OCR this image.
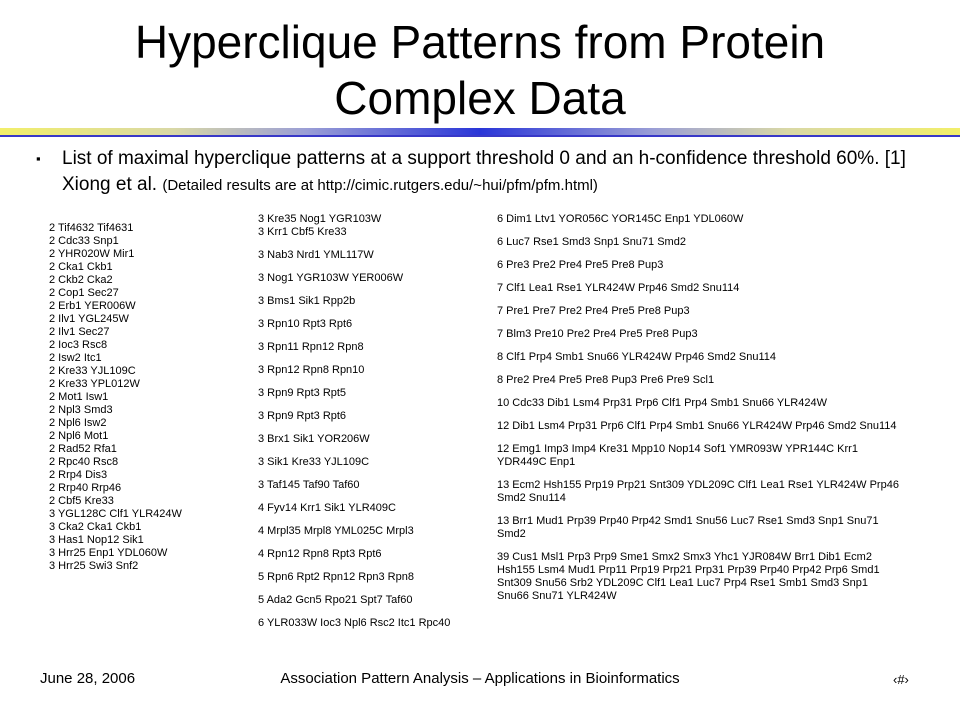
Hyperclique Patterns from Protein Complex Data
▪ List of maximal hyperclique patterns at a support threshold 0 and an h-confidence threshold 60%. [1] Xiong et al. (Detailed results are at http://cimic.rutgers.edu/~hui/pfm/pfm.html)
2 Tif4632 Tif4631
2 Cdc33 Snp1
2 YHR020W Mir1
2 Cka1 Ckb1
2 Ckb2 Cka2
2 Cop1 Sec27
2 Erb1 YER006W
2 Ilv1 YGL245W
2 Ilv1 Sec27
2 Ioc3 Rsc8
2 Isw2 Itc1
2 Kre33 YJL109C
2 Kre33 YPL012W
2 Mot1 Isw1
2 Npl3 Smd3
2 Npl6 Isw2
2 Npl6 Mot1
2 Rad52 Rfa1
2 Rpc40 Rsc8
2 Rrp4 Dis3
2 Rrp40 Rrp46
2 Cbf5 Kre33
3 YGL128C Clf1 YLR424W
3 Cka2 Cka1 Ckb1
3 Has1 Nop12 Sik1
3 Hrr25 Enp1 YDL060W
3 Hrr25 Swi3 Snf2
3 Kre35 Nog1 YGR103W
3 Krr1 Cbf5 Kre33
3 Nab3 Nrd1 YML117W
3 Nog1 YGR103W YER006W
3 Bms1 Sik1 Rpp2b
3 Rpn10 Rpt3 Rpt6
3 Rpn11 Rpn12 Rpn8
3 Rpn12 Rpn8 Rpn10
3 Rpn9 Rpt3 Rpt5
3 Rpn9 Rpt3 Rpt6
3 Brx1 Sik1 YOR206W
3 Sik1 Kre33 YJL109C
3 Taf145 Taf90 Taf60
4 Fyv14 Krr1 Sik1 YLR409C
4 Mrpl35 Mrpl8 YML025C Mrpl3
4 Rpn12 Rpn8 Rpt3 Rpt6
5 Rpn6 Rpt2 Rpn12 Rpn3 Rpn8
5 Ada2 Gcn5 Rpo21 Spt7 Taf60
6 YLR033W Ioc3 Npl6 Rsc2 Itc1 Rpc40
6 Dim1 Ltv1 YOR056C YOR145C Enp1 YDL060W
6 Luc7 Rse1 Smd3 Snp1 Snu71 Smd2
6 Pre3 Pre2 Pre4 Pre5 Pre8 Pup3
7 Clf1 Lea1 Rse1 YLR424W Prp46 Smd2 Snu114
7 Pre1 Pre7 Pre2 Pre4 Pre5 Pre8 Pup3
7 Blm3 Pre10 Pre2 Pre4 Pre5 Pre8 Pup3
8 Clf1 Prp4 Smb1 Snu66 YLR424W Prp46 Smd2 Snu114
8 Pre2 Pre4 Pre5 Pre8 Pup3 Pre6 Pre9 Scl1
10 Cdc33 Dib1 Lsm4 Prp31 Prp6 Clf1 Prp4 Smb1 Snu66 YLR424W
12 Dib1 Lsm4 Prp31 Prp6 Clf1 Prp4 Smb1 Snu66 YLR424W Prp46 Smd2 Snu114
12 Emg1 Imp3 Imp4 Kre31 Mpp10 Nop14 Sof1 YMR093W YPR144C Krr1 YDR449C Enp1
13 Ecm2 Hsh155 Prp19 Prp21 Snt309 YDL209C Clf1 Lea1 Rse1 YLR424W Prp46 Smd2 Snu114
13 Brr1 Mud1 Prp39 Prp40 Prp42 Smd1 Snu56 Luc7 Rse1 Smd3 Snp1 Snu71 Smd2
39 Cus1 Msl1 Prp3 Prp9 Sme1 Smx2 Smx3 Yhc1 YJR084W Brr1 Dib1 Ecm2 Hsh155 Lsm4 Mud1 Prp11 Prp19 Prp21 Prp31 Prp39 Prp40 Prp42 Prp6 Smd1 Snt309 Snu56 Srb2 YDL209C Clf1 Lea1 Luc7 Prp4 Rse1 Smb1 Smd3 Snp1 Snu66 Snu71 YLR424W
June 28, 2006	Association Pattern Analysis – Applications in Bioinformatics	‹#›
